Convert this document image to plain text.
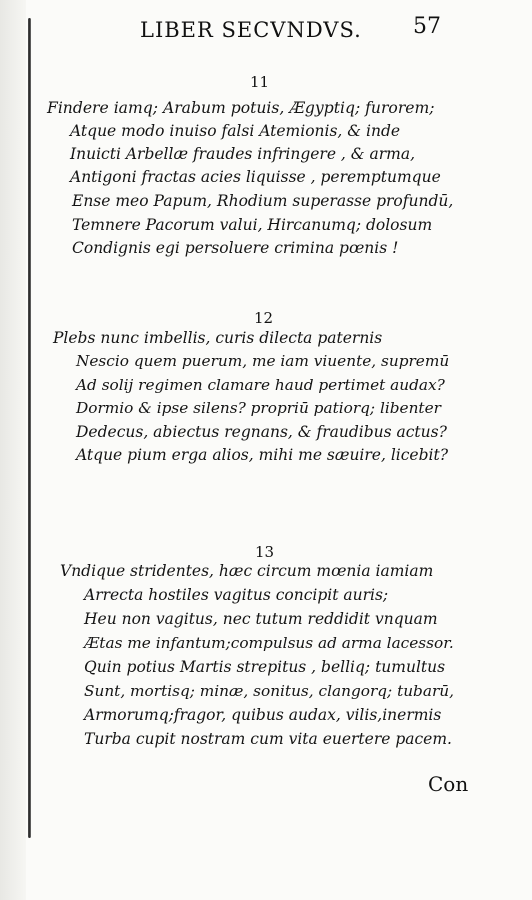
LIBER SECVNDVS. 57
11
Findere iamq; Arabum potuis, Ægyptiq; furorem;
Atque modo inuiso falsi Atemionis, & inde
Inuicti Arbellæ fraudes infringere , & arma,
Antigoni fractas acies liquisse , peremptumque
Ense meo Papum, Rhodium superasse profundū,
Temnere Pacorum valui, Hircanumq; dolosum
Condignis egi persoluere crimina pœnis !
12
Plebs nunc imbellis, curis dilecta paternis
Nescio quem puerum, me iam viuente, supremū
Ad solij regimen clamare haud pertimet audax?
Dormio & ipse silens? propriū patiorq; libenter
Dedecus, abiectus regnans, & fraudibus actus?
Atque pium erga alios, mihi me sæuire, licebit?
13
Vndique stridentes, hæc circum mœnia iamiam
Arrecta hostiles vagitus concipit auris;
Heu non vagitus, nec tutum reddidit vnquam
Ætas me infantum;compulsus ad arma lacessor.
Quin potius Martis strepitus , belliq; tumultus
Sunt, mortisq; minæ, sonitus, clangorq; tubarū,
Armorumq;fragor, quibus audax, vilis,inermis
Turba cupit nostram cum vita euertere pacem.
Con
